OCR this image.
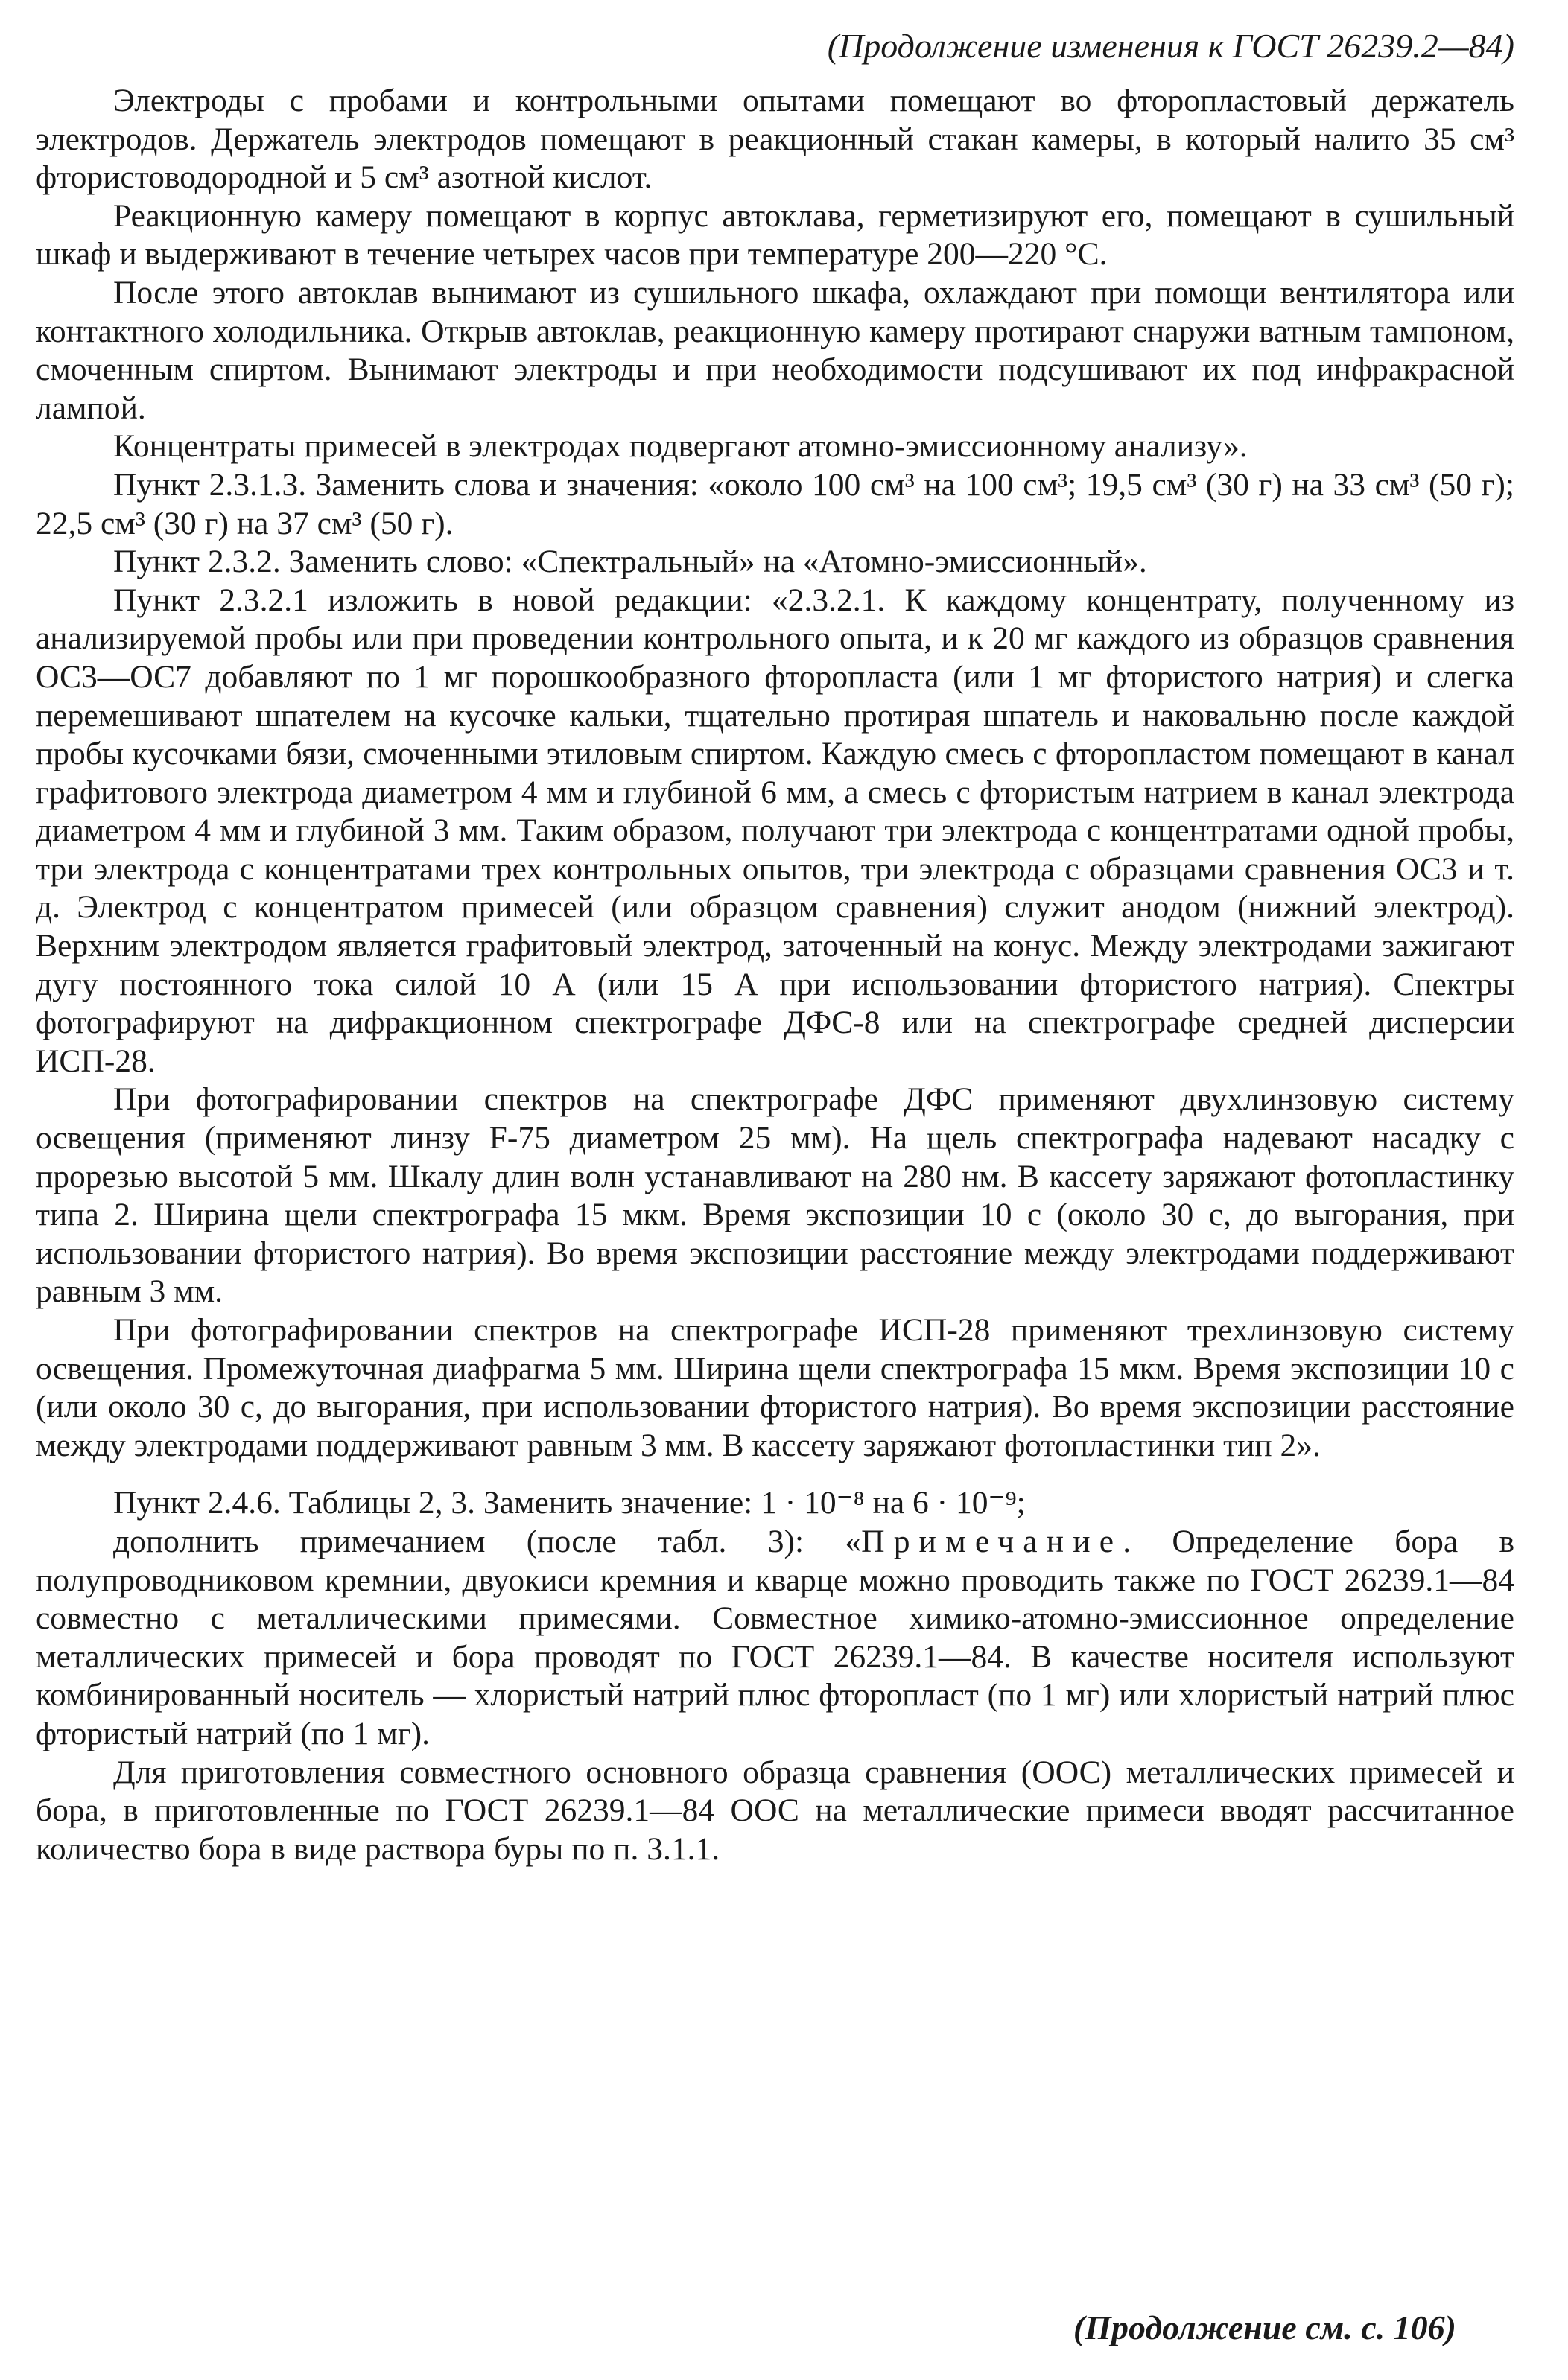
(Продолжение изменения к ГОСТ 26239.2—84)

Электроды с пробами и контрольными опытами помещают во фторопластовый держатель электродов. Держатель электродов помещают в реакционный стакан камеры, в который налито 35 см³ фтористоводородной и 5 см³ азотной кислот.

Реакционную камеру помещают в корпус автоклава, герметизируют его, помещают в сушильный шкаф и выдерживают в течение четырех часов при температуре 200—220 °C.

После этого автоклав вынимают из сушильного шкафа, охлаждают при помощи вентилятора или контактного холодильника. Открыв автоклав, реакционную камеру протирают снаружи ватным тампоном, смоченным спиртом. Вынимают электроды и при необходимости подсушивают их под инфракрасной лампой.

Концентраты примесей в электродах подвергают атомно-эмиссионному анализу».

Пункт 2.3.1.3. Заменить слова и значения: «около 100 см³ на 100 см³; 19,5 см³ (30 г) на 33 см³ (50 г); 22,5 см³ (30 г) на 37 см³ (50 г).

Пункт 2.3.2. Заменить слово: «Спектральный» на «Атомно-эмиссионный».

Пункт 2.3.2.1 изложить в новой редакции: «2.3.2.1. К каждому концентрату, полученному из анализируемой пробы или при проведении контрольного опыта, и к 20 мг каждого из образцов сравнения ОС3—ОС7 добавляют по 1 мг порошкообразного фторопласта (или 1 мг фтористого натрия) и слегка перемешивают шпателем на кусочке кальки, тщательно протирая шпатель и наковальню после каждой пробы кусочками бязи, смоченными этиловым спиртом. Каждую смесь с фторопластом помещают в канал графитового электрода диаметром 4 мм и глубиной 6 мм, а смесь с фтористым натрием в канал электрода диаметром 4 мм и глубиной 3 мм. Таким образом, получают три электрода с концентратами одной пробы, три электрода с концентратами трех контрольных опытов, три электрода с образцами сравнения ОС3 и т. д. Электрод с концентратом примесей (или образцом сравнения) служит анодом (нижний электрод). Верхним электродом является графитовый электрод, заточенный на конус. Между электродами зажигают дугу постоянного тока силой 10 А (или 15 А при использовании фтористого натрия). Спектры фотографируют на дифракционном спектрографе ДФС-8 или на спектрографе средней дисперсии ИСП-28.

При фотографировании спектров на спектрографе ДФС применяют двухлинзовую систему освещения (применяют линзу F-75 диаметром 25 мм). На щель спектрографа надевают насадку с прорезью высотой 5 мм. Шкалу длин волн устанавливают на 280 нм. В кассету заряжают фотопластинку типа 2. Ширина щели спектрографа 15 мкм. Время экспозиции 10 с (около 30 с, до выгорания, при использовании фтористого натрия). Во время экспозиции расстояние между электродами поддерживают равным 3 мм.

При фотографировании спектров на спектрографе ИСП-28 применяют трехлинзовую систему освещения. Промежуточная диафрагма 5 мм. Ширина щели спектрографа 15 мкм. Время экспозиции 10 с (или около 30 с, до выгорания, при использовании фтористого натрия). Во время экспозиции расстояние между электродами поддерживают равным 3 мм. В кассету заряжают фотопластинки тип 2».

Пункт 2.4.6. Таблицы 2, 3. Заменить значение: 1 · 10⁻⁸ на 6 · 10⁻⁹;

дополнить примечанием (после табл. 3): «Примечание. Определение бора в полупроводниковом кремнии, двуокиси кремния и кварце можно проводить также по ГОСТ 26239.1—84 совместно с металлическими примесями. Совместное химико-атомно-эмиссионное определение металлических примесей и бора проводят по ГОСТ 26239.1—84. В качестве носителя используют комбинированный носитель — хлористый натрий плюс фторопласт (по 1 мг) или хлористый натрий плюс фтористый натрий (по 1 мг).

Для приготовления совместного основного образца сравнения (ООС) металлических примесей и бора, в приготовленные по ГОСТ 26239.1—84 ООС на металлические примеси вводят рассчитанное количество бора в виде раствора буры по п. 3.1.1.

(Продолжение см. с. 106)
